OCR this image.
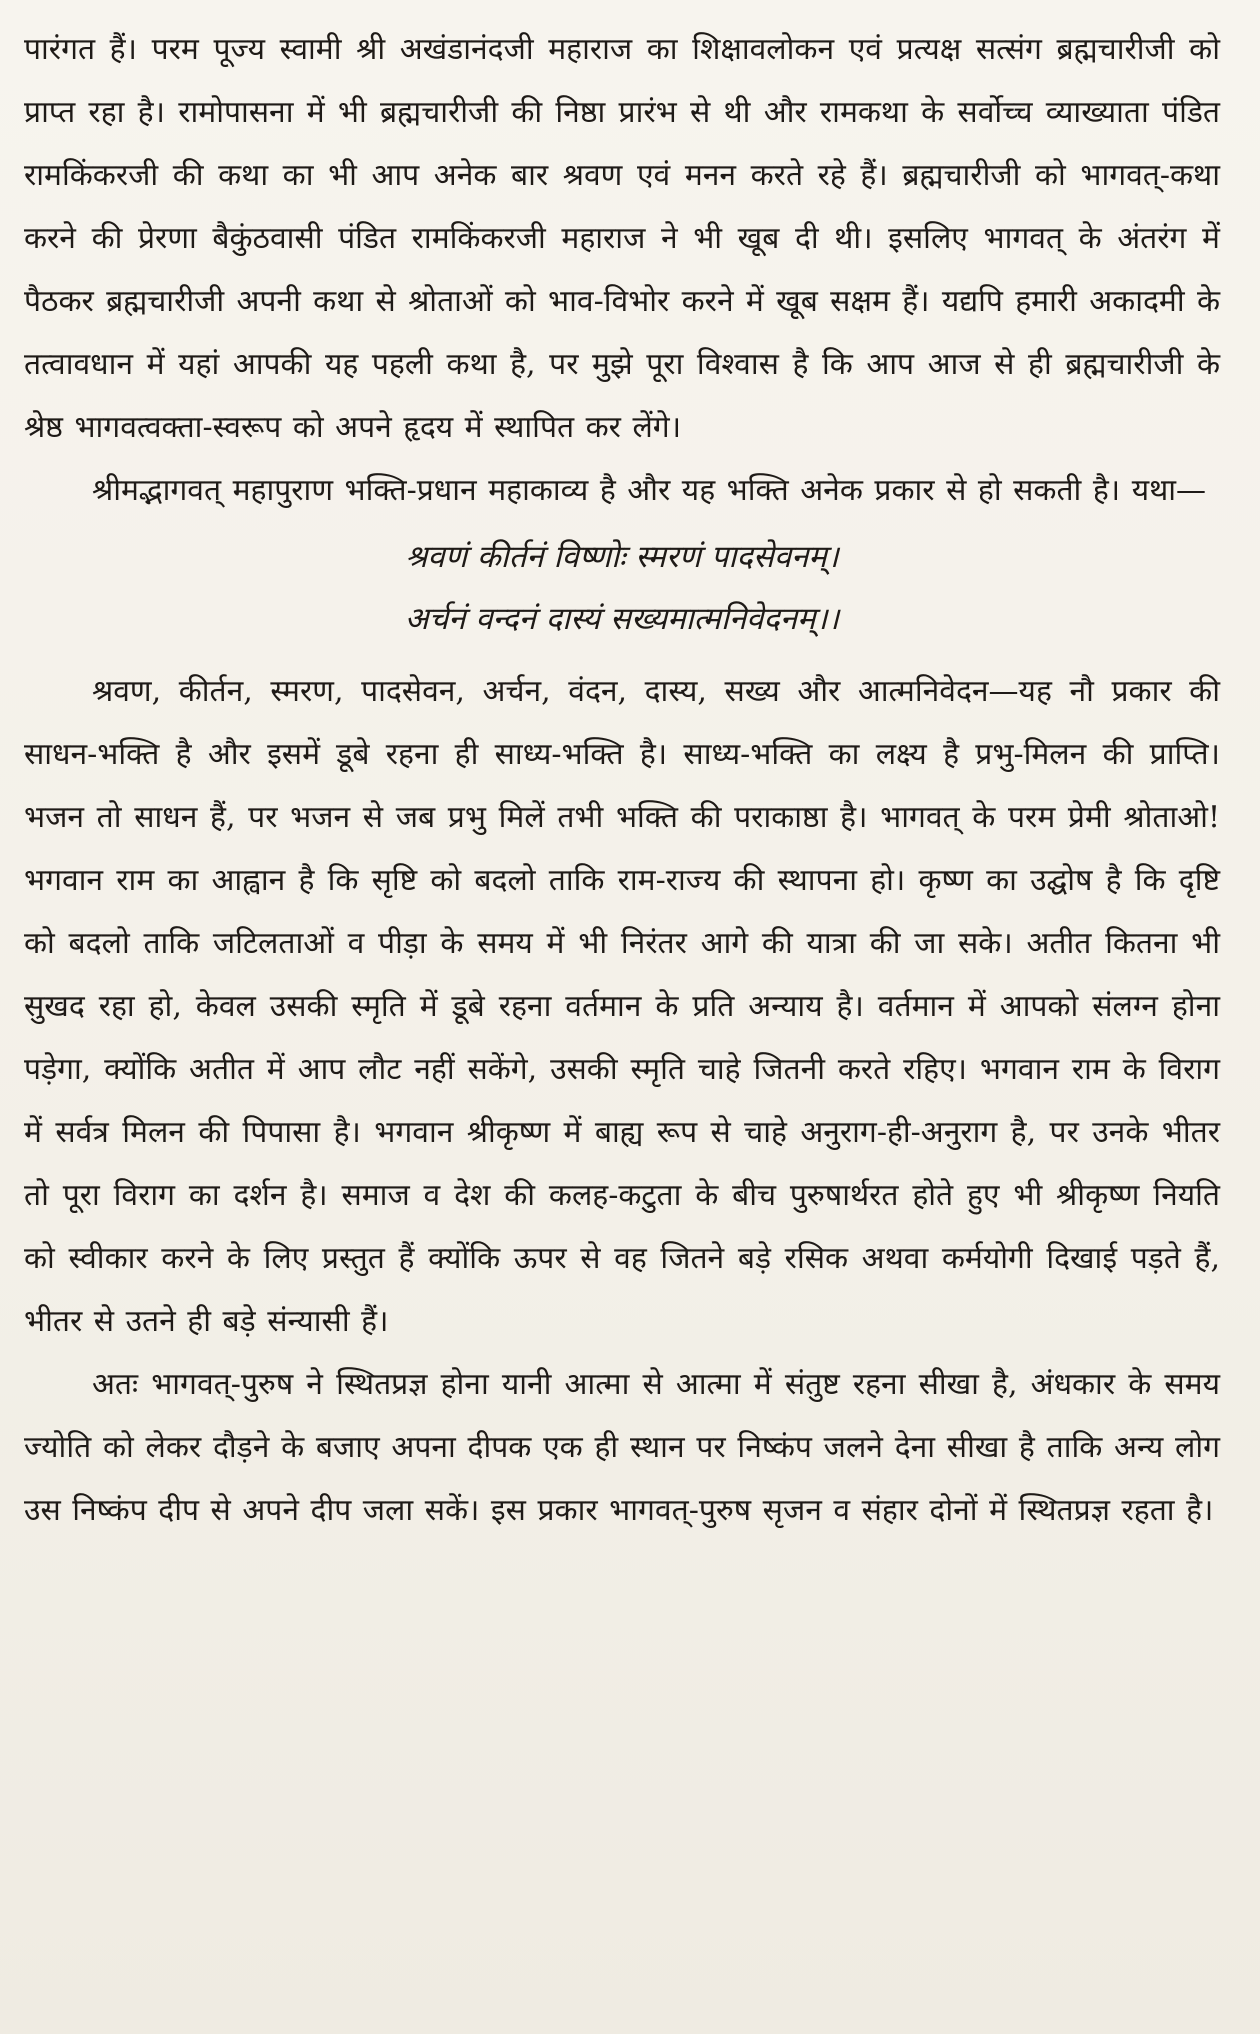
पारंगत हैं। परम पूज्य स्वामी श्री अखंडानंदजी महाराज का शिक्षावलोकन एवं प्रत्यक्ष सत्संग ब्रह्मचारीजी को प्राप्त रहा है। रामोपासना में भी ब्रह्मचारीजी की निष्ठा प्रारंभ से थी और रामकथा के सर्वोच्च व्याख्याता पंडित रामकिंकरजी की कथा का भी आप अनेक बार श्रवण एवं मनन करते रहे हैं। ब्रह्मचारीजी को भागवत्-कथा करने की प्रेरणा बैकुंठवासी पंडित रामकिंकरजी महाराज ने भी खूब दी थी। इसलिए भागवत् के अंतरंग में पैठकर ब्रह्मचारीजी अपनी कथा से श्रोताओं को भाव-विभोर करने में खूब सक्षम हैं। यद्यपि हमारी अकादमी के तत्वावधान में यहां आपकी यह पहली कथा है, पर मुझे पूरा विश्वास है कि आप आज से ही ब्रह्मचारीजी के श्रेष्ठ भागवत्वक्ता-स्वरूप को अपने हृदय में स्थापित कर लेंगे।

श्रीमद्भागवत् महापुराण भक्ति-प्रधान महाकाव्य है और यह भक्ति अनेक प्रकार से हो सकती है। यथा—

श्रवणं कीर्तनं विष्णोः स्मरणं पादसेवनम्।
अर्चनं वन्दनं दास्यं सख्यमात्मनिवेदनम्।।

श्रवण, कीर्तन, स्मरण, पादसेवन, अर्चन, वंदन, दास्य, सख्य और आत्मनिवेदन—यह नौ प्रकार की साधन-भक्ति है और इसमें डूबे रहना ही साध्य-भक्ति है। साध्य-भक्ति का लक्ष्य है प्रभु-मिलन की प्राप्ति। भजन तो साधन हैं, पर भजन से जब प्रभु मिलें तभी भक्ति की पराकाष्ठा है। भागवत् के परम प्रेमी श्रोताओ! भगवान राम का आह्वान है कि सृष्टि को बदलो ताकि राम-राज्य की स्थापना हो। कृष्ण का उद्घोष है कि दृष्टि को बदलो ताकि जटिलताओं व पीड़ा के समय में भी निरंतर आगे की यात्रा की जा सके। अतीत कितना भी सुखद रहा हो, केवल उसकी स्मृति में डूबे रहना वर्तमान के प्रति अन्याय है। वर्तमान में आपको संलग्न होना पड़ेगा, क्योंकि अतीत में आप लौट नहीं सकेंगे, उसकी स्मृति चाहे जितनी करते रहिए। भगवान राम के विराग में सर्वत्र मिलन की पिपासा है। भगवान श्रीकृष्ण में बाह्य रूप से चाहे अनुराग-ही-अनुराग है, पर उनके भीतर तो पूरा विराग का दर्शन है। समाज व देश की कलह-कटुता के बीच पुरुषार्थरत होते हुए भी श्रीकृष्ण नियति को स्वीकार करने के लिए प्रस्तुत हैं क्योंकि ऊपर से वह जितने बड़े रसिक अथवा कर्मयोगी दिखाई पड़ते हैं, भीतर से उतने ही बड़े संन्यासी हैं।

अतः भागवत्-पुरुष ने स्थितप्रज्ञ होना यानी आत्मा से आत्मा में संतुष्ट रहना सीखा है, अंधकार के समय ज्योति को लेकर दौड़ने के बजाए अपना दीपक एक ही स्थान पर निष्कंप जलने देना सीखा है ताकि अन्य लोग उस निष्कंप दीप से अपने दीप जला सकें। इस प्रकार भागवत्-पुरुष सृजन व संहार दोनों में स्थितप्रज्ञ रहता है।
